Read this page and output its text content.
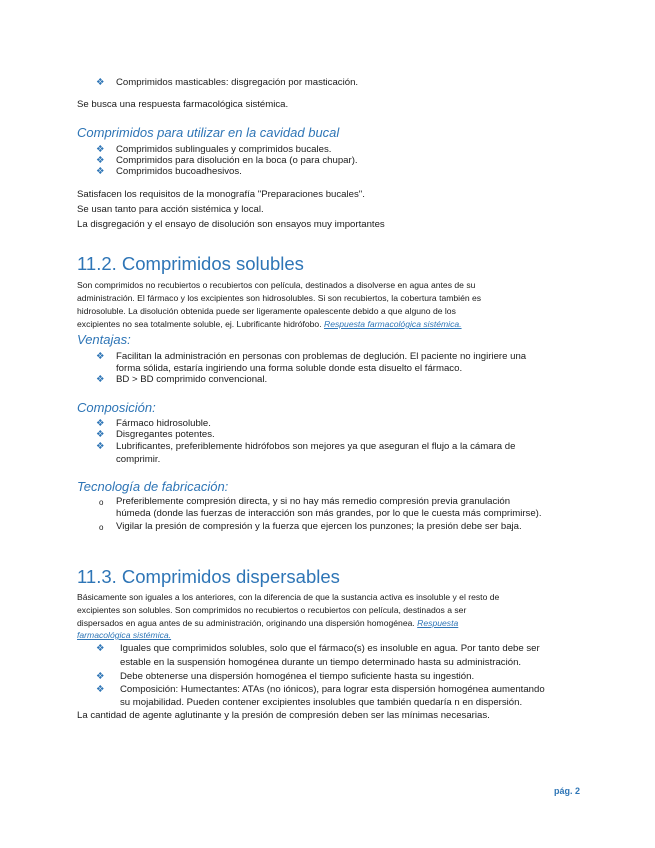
❖ Comprimidos masticables: disgregación por masticación.
Se busca una respuesta farmacológica sistémica.
Comprimidos para utilizar en la cavidad bucal
❖ Comprimidos sublinguales y comprimidos bucales.
❖ Comprimidos para disolución en la boca (o para chupar).
❖ Comprimidos bucoadhesivos.
Satisfacen los requisitos de la monografía "Preparaciones bucales".
Se usan tanto para acción sistémica y local.
La disgregación y el ensayo de disolución son ensayos muy importantes
11.2. Comprimidos solubles
Son comprimidos no recubiertos o recubiertos con película, destinados a disolverse en agua antes de su
administración. El fármaco y los excipientes son hidrosolubles. Si son recubiertos, la cobertura también es
hidrosoluble. La disolución obtenida puede ser ligeramente opalescente debido a que alguno de los
excipientes no sea totalmente soluble, ej. Lubrificante hidrófobo. Respuesta farmacológica sistémica.
Ventajas:
❖ Facilitan la administración en personas con problemas de deglución. El paciente no ingiriere una
forma sólida, estaría ingiriendo una forma soluble donde esta disuelto el fármaco.
❖ BD > BD comprimido convencional.
Composición:
❖ Fármaco hidrosoluble.
❖ Disgregantes potentes.
❖ Lubrificantes, preferiblemente hidrófobos son mejores ya que aseguran el flujo a la cámara de
comprimir.
Tecnología de fabricación:
o Preferiblemente compresión directa, y si no hay más remedio compresión previa granulación
húmeda (donde las fuerzas de interacción son más grandes, por lo que le cuesta más comprimirse).
o Vigilar la presión de compresión y la fuerza que ejercen los punzones; la presión debe ser baja.
11.3. Comprimidos dispersables
Básicamente son iguales a los anteriores, con la diferencia de que la sustancia activa es insoluble y el resto de
excipientes son solubles. Son comprimidos no recubiertos o recubiertos con película, destinados a ser
dispersados en agua antes de su administración, originando una dispersión homogénea. Respuesta
farmacológica sistémica.
❖ Iguales que comprimidos solubles, solo que el fármaco(s) es insoluble en agua. Por tanto debe ser
estable en la suspensión homogénea durante un tiempo determinado hasta su administración.
❖ Debe obtenerse una dispersión homogénea el tiempo suficiente hasta su ingestión.
❖ Composición: Humectantes: ATAs (no iónicos), para lograr esta dispersión homogénea aumentando
su mojabilidad. Pueden contener excipientes insolubles que también quedaría n en dispersión.
La cantidad de agente aglutinante y la presión de compresión deben ser las mínimas necesarias.
pág. 2
